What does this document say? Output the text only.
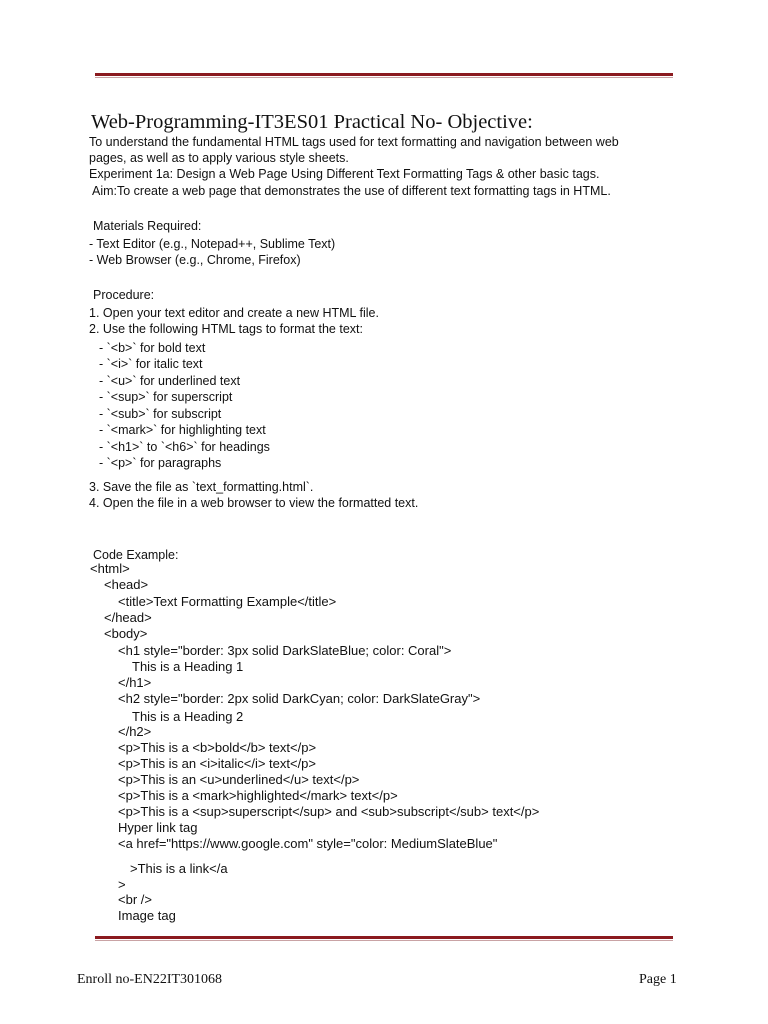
Web-Programming-IT3ES01 Practical No- Objective:
To understand the fundamental HTML tags used for text formatting and navigation between web
pages, as well as to apply various style sheets.
Experiment 1a: Design a Web Page Using Different Text Formatting Tags & other basic tags.
Aim:To create a web page that demonstrates the use of different text formatting tags in HTML.
Materials Required:
- Text Editor (e.g., Notepad++, Sublime Text)
- Web Browser (e.g., Chrome, Firefox)
Procedure:
1. Open your text editor and create a new HTML file.
2. Use the following HTML tags to format the text:
- `<b>` for bold text
- `<i>` for italic text
- `<u>` for underlined text
- `<sup>` for superscript
- `<sub>` for subscript
- `<mark>` for highlighting text
- `<h1>` to `<h6>` for headings
- `<p>` for paragraphs
3. Save the file as `text_formatting.html`.
4. Open the file in a web browser to view the formatted text.
Code Example:
<html>
<head>
<title>Text Formatting Example</title>
</head>
<body>
<h1 style="border: 3px solid DarkSlateBlue; color: Coral">
This is a Heading 1
</h1>
<h2 style="border: 2px solid DarkCyan; color: DarkSlateGray">
This is a Heading 2
</h2>
<p>This is a <b>bold</b> text</p>
<p>This is an <i>italic</i> text</p>
<p>This is an <u>underlined</u> text</p>
<p>This is a <mark>highlighted</mark> text</p>
<p>This is a <sup>superscript</sup> and <sub>subscript</sub> text</p>
Hyper link tag
<a href="https://www.google.com" style="color: MediumSlateBlue"
>This is a link</a
>
<br />
Image tag
Enroll no-EN22IT301068	Page 1
